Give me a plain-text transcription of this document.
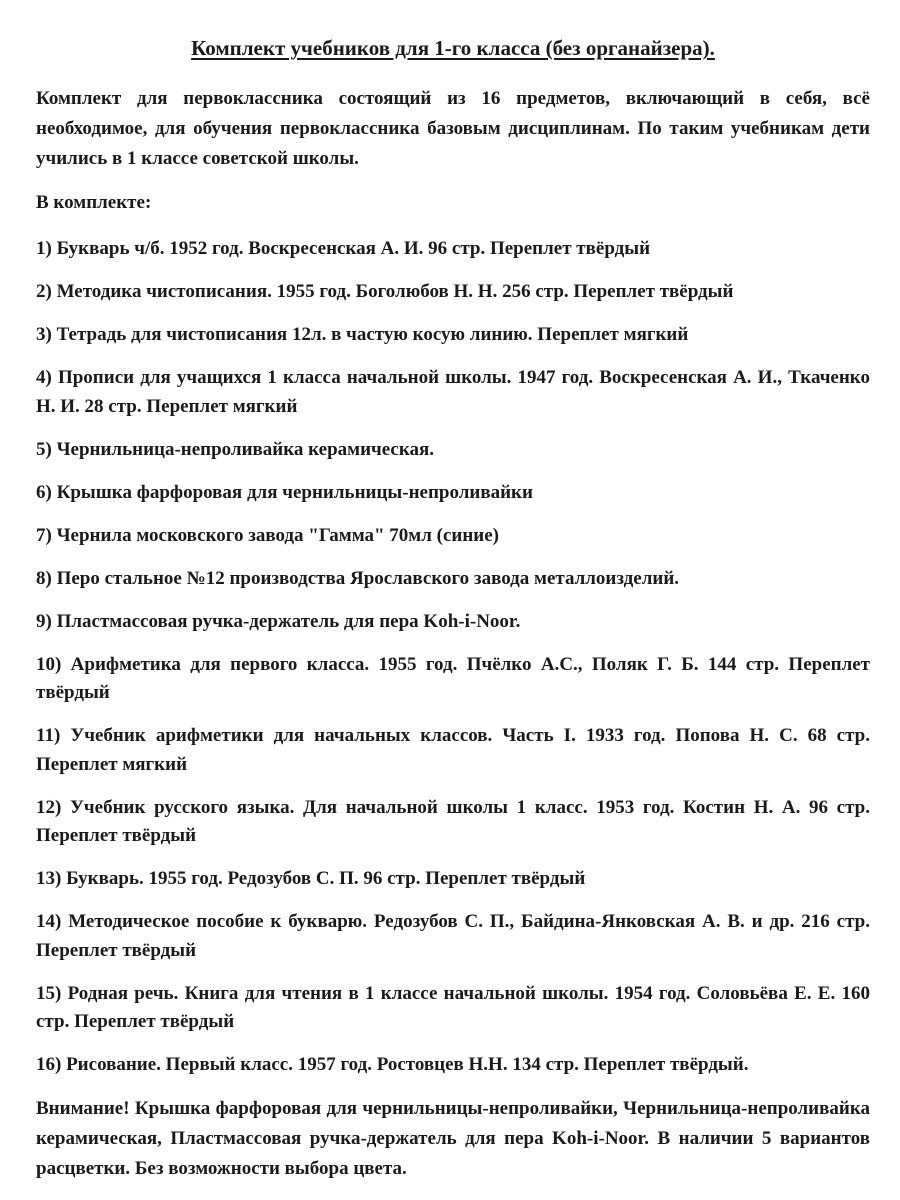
Комплект учебников для 1-го класса (без органайзера).

Комплект для первоклассника состоящий из 16 предметов, включающий в себя, всё необходимое, для обучения первоклассника базовым дисциплинам. По таким учебникам дети учились в 1 классе советской школы.

В комплекте:

1) Букварь ч/б. 1952 год. Воскресенская А. И. 96 стр. Переплет твёрдый
2) Методика чистописания. 1955 год. Боголюбов Н. Н. 256 стр. Переплет твёрдый
3) Тетрадь для чистописания 12л. в частую косую линию. Переплет мягкий
4) Прописи для учащихся 1 класса начальной школы. 1947 год. Воскресенская А. И., Ткаченко Н. И. 28 стр. Переплет мягкий
5) Чернильница-непроливайка керамическая.
6) Крышка фарфоровая для чернильницы-непроливайки
7) Чернила московского завода "Гамма" 70мл (синие)
8) Перо стальное №12 производства Ярославского завода металлоизделий.
9) Пластмассовая ручка-держатель для пера Koh-i-Noor.
10) Арифметика для первого класса. 1955 год. Пчёлко А.С., Поляк Г. Б. 144 стр. Переплет твёрдый
11) Учебник арифметики для начальных классов. Часть I. 1933 год. Попова Н. С. 68 стр. Переплет мягкий
12) Учебник русского языка. Для начальной школы 1 класс. 1953 год. Костин Н. А. 96 стр. Переплет твёрдый
13) Букварь. 1955 год. Редозубов С. П. 96 стр. Переплет твёрдый
14) Методическое пособие к букварю. Редозубов С. П., Байдина-Янковская А. В. и др. 216 стр. Переплет твёрдый
15) Родная речь. Книга для чтения в 1 классе начальной школы. 1954 год. Соловьёва Е. Е. 160 стр. Переплет твёрдый
16) Рисование. Первый класс. 1957 год. Ростовцев Н.Н. 134 стр. Переплет твёрдый.

Внимание! Крышка фарфоровая для чернильницы-непроливайки, Чернильница-непроливайка керамическая, Пластмассовая ручка-держатель для пера Koh-i-Noor. В наличии 5 вариантов расцветки. Без возможности выбора цвета.
